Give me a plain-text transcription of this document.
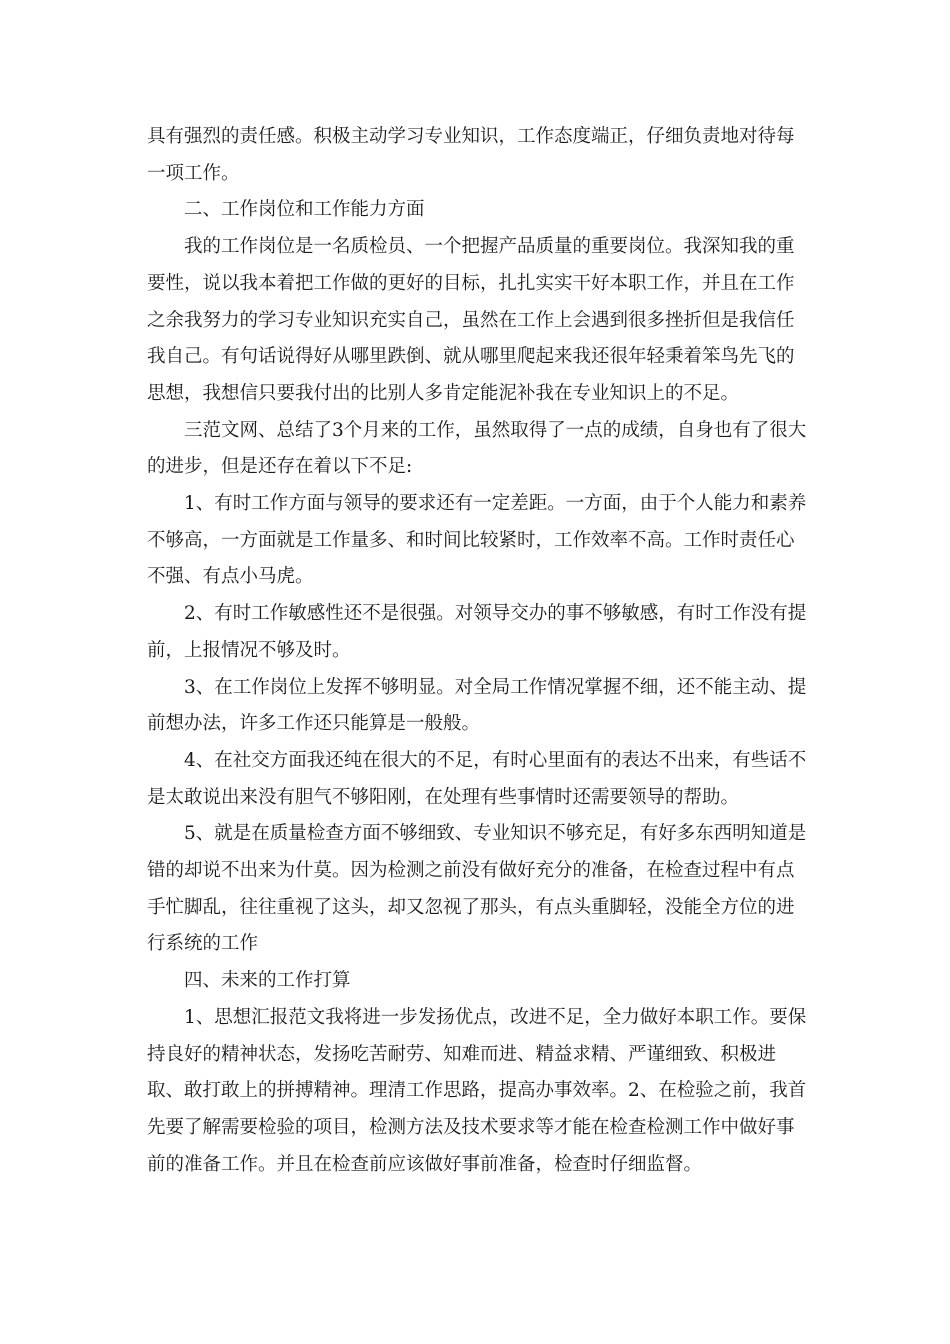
具有强烈的责任感。积极主动学习专业知识，工作态度端正，仔细负责地对待每一项工作。

二、工作岗位和工作能力方面

我的工作岗位是一名质检员、一个把握产品质量的重要岗位。我深知我的重要性，说以我本着把工作做的更好的目标，扎扎实实干好本职工作，并且在工作之余我努力的学习专业知识充实自己，虽然在工作上会遇到很多挫折但是我信任我自己。有句话说得好从哪里跌倒、就从哪里爬起来我还很年轻秉着笨鸟先飞的思想，我想信只要我付出的比别人多肯定能泥补我在专业知识上的不足。

三范文网、总结了3个月来的工作，虽然取得了一点的成绩，自身也有了很大的进步，但是还存在着以下不足:

1、有时工作方面与领导的要求还有一定差距。一方面，由于个人能力和素养不够高，一方面就是工作量多、和时间比较紧时，工作效率不高。工作时责任心不强、有点小马虎。

2、有时工作敏感性还不是很强。对领导交办的事不够敏感，有时工作没有提前，上报情况不够及时。

3、在工作岗位上发挥不够明显。对全局工作情况掌握不细，还不能主动、提前想办法，许多工作还只能算是一般般。

4、在社交方面我还纯在很大的不足，有时心里面有的表达不出来，有些话不是太敢说出来没有胆气不够阳刚，在处理有些事情时还需要领导的帮助。

5、就是在质量检查方面不够细致、专业知识不够充足，有好多东西明知道是错的却说不出来为什莫。因为检测之前没有做好充分的准备，在检查过程中有点手忙脚乱，往往重视了这头，却又忽视了那头，有点头重脚轻，没能全方位的进行系统的工作

四、未来的工作打算

1、思想汇报范文我将进一步发扬优点，改进不足，全力做好本职工作。要保持良好的精神状态，发扬吃苦耐劳、知难而进、精益求精、严谨细致、积极进取、敢打敢上的拼搏精神。理清工作思路，提高办事效率。2、在检验之前，我首先要了解需要检验的项目，检测方法及技术要求等才能在检查检测工作中做好事前的准备工作。并且在检查前应该做好事前准备，检查时仔细监督。
